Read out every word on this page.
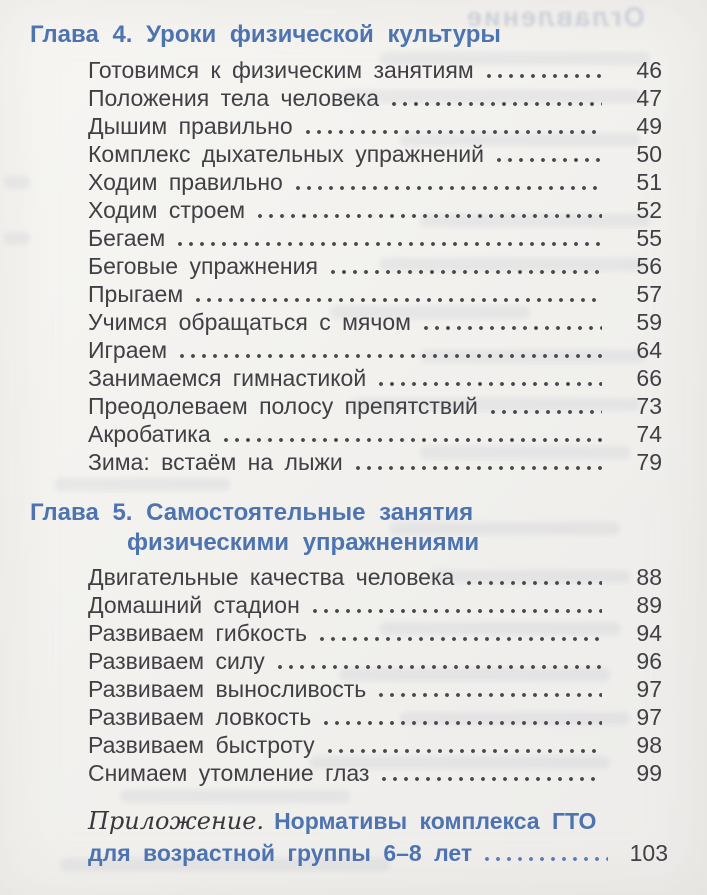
Оглавление
Глава 4. Уроки физической культуры
Готовимся к физическим занятиям	46
Положения тела человека	47
Дышим правильно	49
Комплекс дыхательных упражнений	50
Ходим правильно	51
Ходим строем	52
Бегаем	55
Беговые упражнения	56
Прыгаем	57
Учимся обращаться с мячом	59
Играем	64
Занимаемся гимнастикой	66
Преодолеваем полосу препятствий	73
Акробатика	74
Зима: встаём на лыжи	79
Глава 5. Самостоятельные занятия
физическими упражнениями
Двигательные качества человека	88
Домашний стадион	89
Развиваем гибкость	94
Развиваем силу	96
Развиваем выносливость	97
Развиваем ловкость	97
Развиваем быстроту	98
Снимаем утомление глаз	99
Приложение. Нормативы комплекса ГТО
для возрастной группы 6–8 лет	103
